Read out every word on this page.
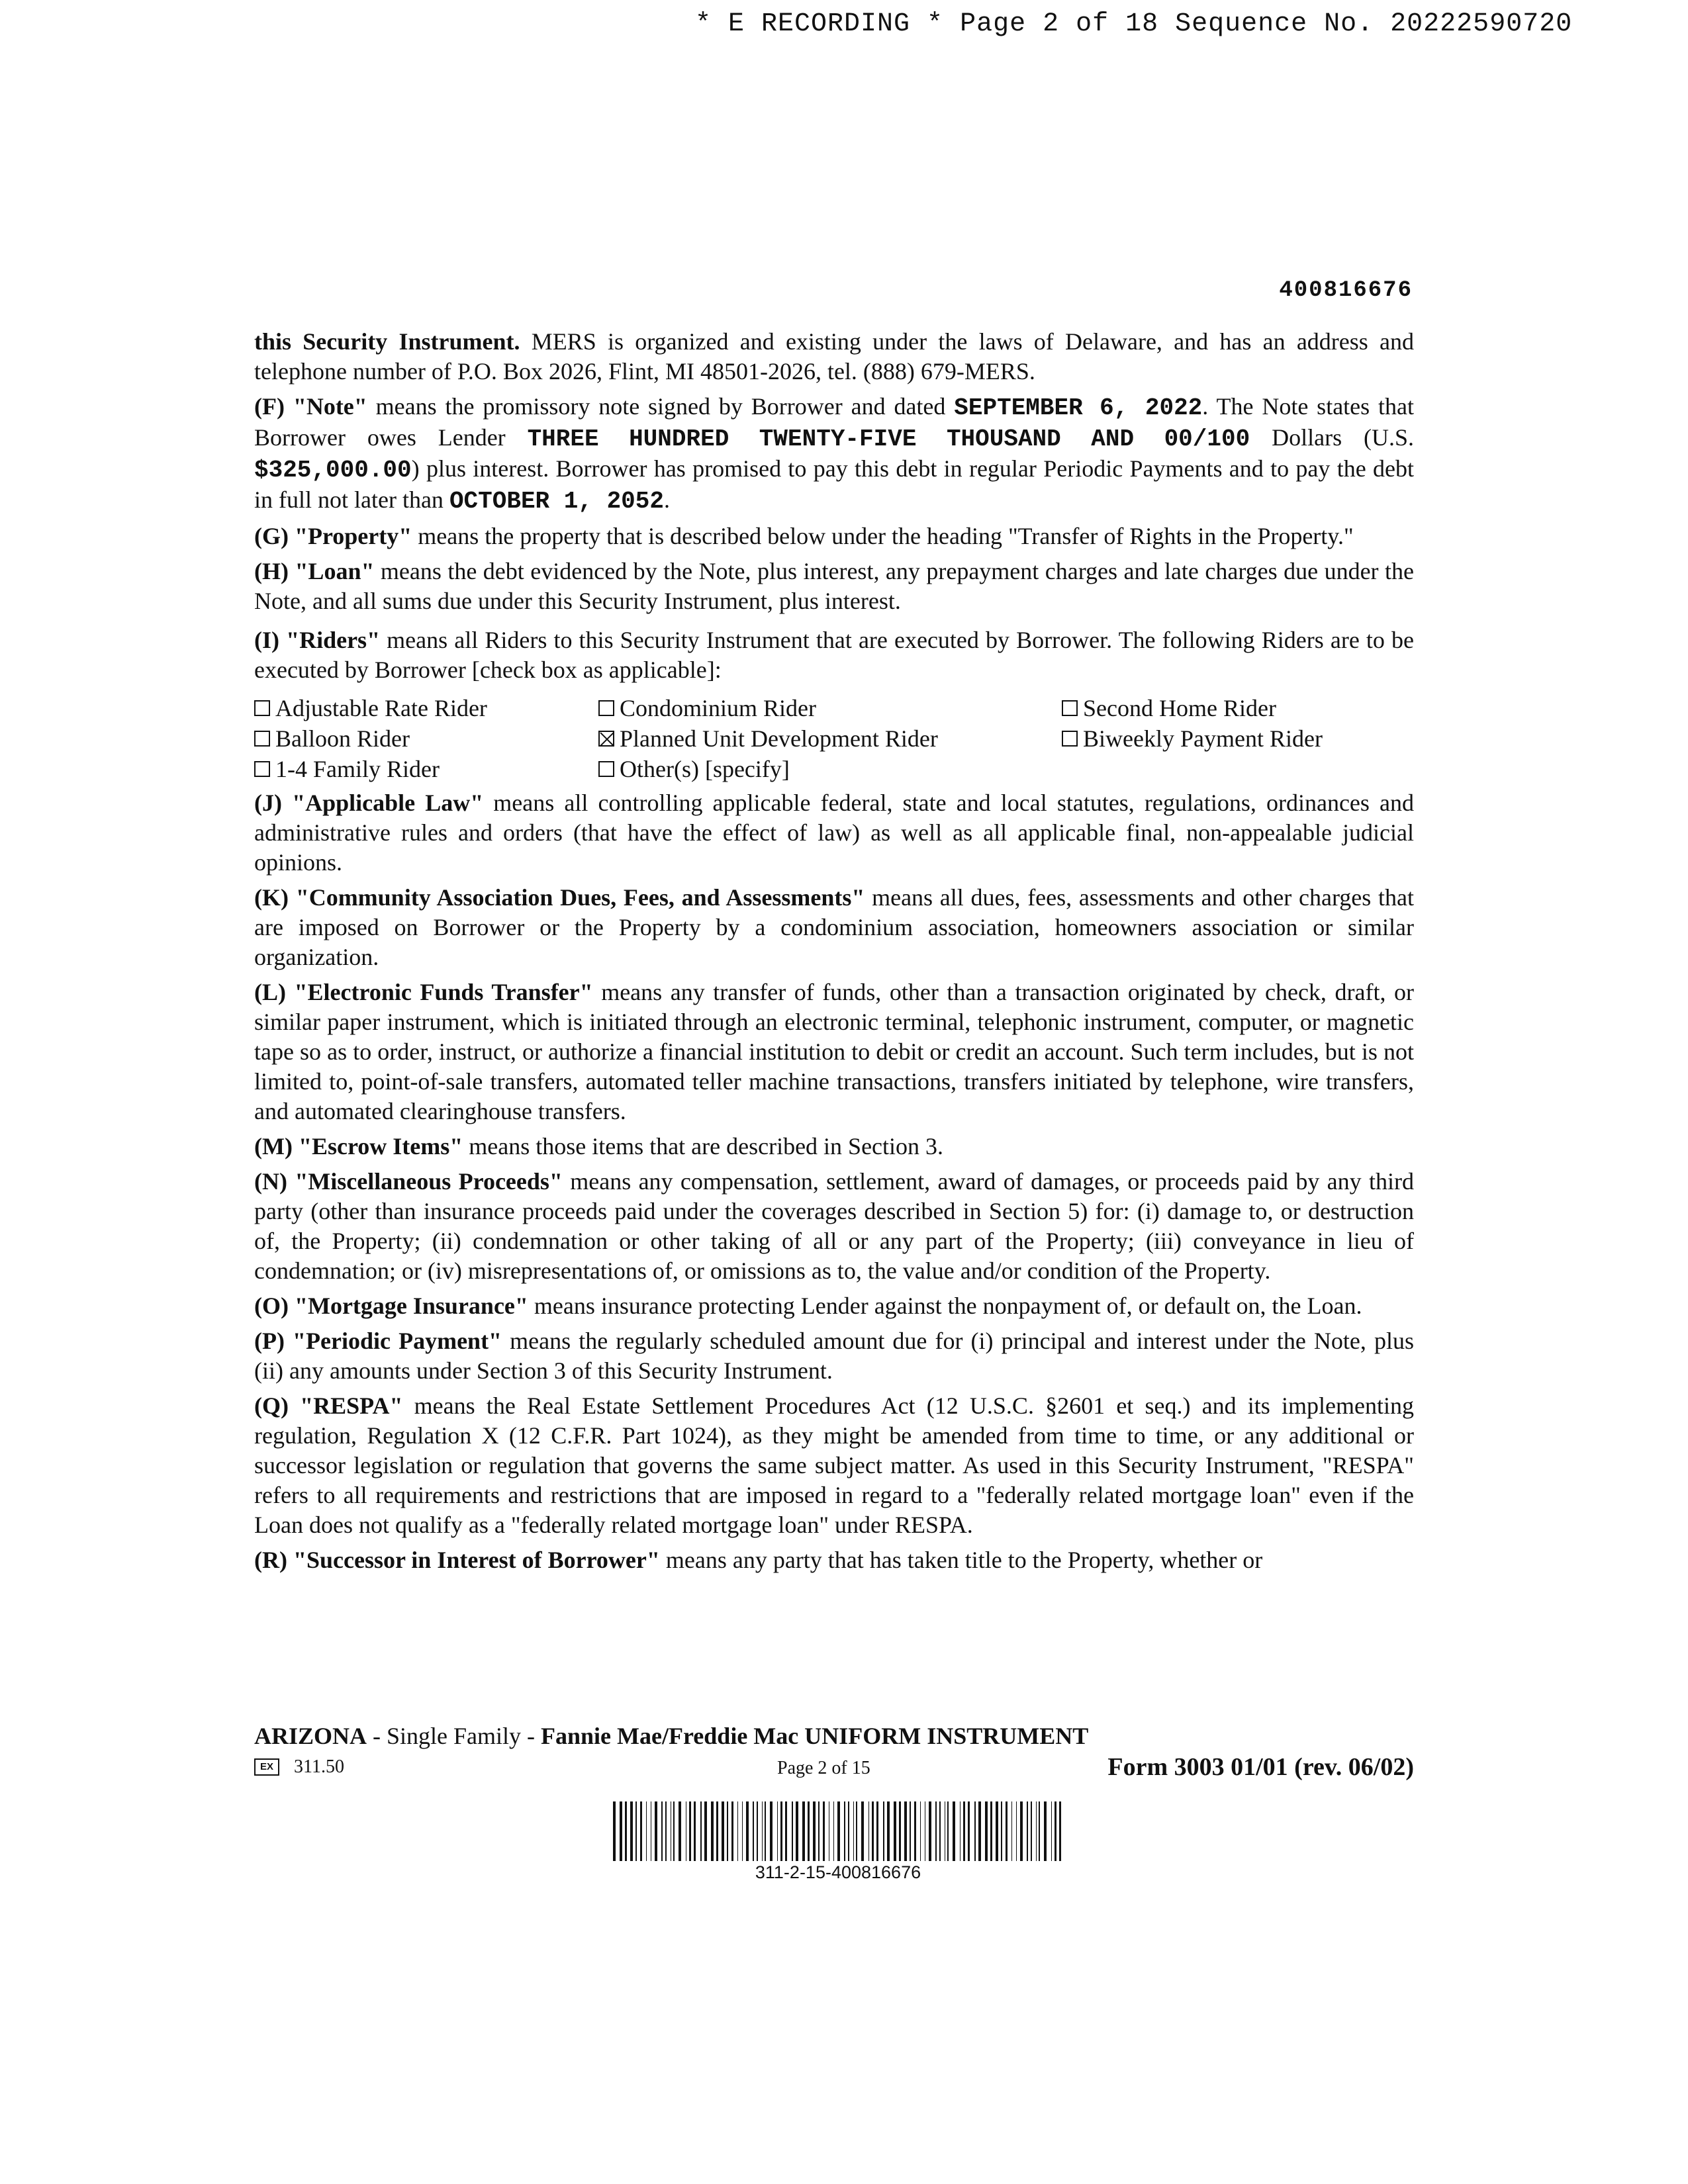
* E RECORDING * Page 2 of 18 Sequence No. 20222590720
400816676

this Security Instrument. MERS is organized and existing under the laws of Delaware, and has an address and telephone number of P.O. Box 2026, Flint, MI 48501-2026, tel. (888) 679-MERS.

(F) "Note" means the promissory note signed by Borrower and dated SEPTEMBER 6, 2022. The Note states that Borrower owes Lender THREE HUNDRED TWENTY-FIVE THOUSAND AND 00/100 Dollars (U.S. $325,000.00) plus interest. Borrower has promised to pay this debt in regular Periodic Payments and to pay the debt in full not later than OCTOBER 1, 2052.

(G) "Property" means the property that is described below under the heading "Transfer of Rights in the Property."

(H) "Loan" means the debt evidenced by the Note, plus interest, any prepayment charges and late charges due under the Note, and all sums due under this Security Instrument, plus interest.

(I) "Riders" means all Riders to this Security Instrument that are executed by Borrower. The following Riders are to be executed by Borrower [check box as applicable]:

Adjustable Rate Rider	Condominium Rider	Second Home Rider
Balloon Rider	Planned Unit Development Rider	Biweekly Payment Rider
1-4 Family Rider	Other(s) [specify]

(J) "Applicable Law" means all controlling applicable federal, state and local statutes, regulations, ordinances and administrative rules and orders (that have the effect of law) as well as all applicable final, non-appealable judicial opinions.

(K) "Community Association Dues, Fees, and Assessments" means all dues, fees, assessments and other charges that are imposed on Borrower or the Property by a condominium association, homeowners association or similar organization.

(L) "Electronic Funds Transfer" means any transfer of funds, other than a transaction originated by check, draft, or similar paper instrument, which is initiated through an electronic terminal, telephonic instrument, computer, or magnetic tape so as to order, instruct, or authorize a financial institution to debit or credit an account. Such term includes, but is not limited to, point-of-sale transfers, automated teller machine transactions, transfers initiated by telephone, wire transfers, and automated clearinghouse transfers.

(M) "Escrow Items" means those items that are described in Section 3.

(N) "Miscellaneous Proceeds" means any compensation, settlement, award of damages, or proceeds paid by any third party (other than insurance proceeds paid under the coverages described in Section 5) for: (i) damage to, or destruction of, the Property; (ii) condemnation or other taking of all or any part of the Property; (iii) conveyance in lieu of condemnation; or (iv) misrepresentations of, or omissions as to, the value and/or condition of the Property.

(O) "Mortgage Insurance" means insurance protecting Lender against the nonpayment of, or default on, the Loan.

(P) "Periodic Payment" means the regularly scheduled amount due for (i) principal and interest under the Note, plus (ii) any amounts under Section 3 of this Security Instrument.

(Q) "RESPA" means the Real Estate Settlement Procedures Act (12 U.S.C. §2601 et seq.) and its implementing regulation, Regulation X (12 C.F.R. Part 1024), as they might be amended from time to time, or any additional or successor legislation or regulation that governs the same subject matter. As used in this Security Instrument, "RESPA" refers to all requirements and restrictions that are imposed in regard to a "federally related mortgage loan" even if the Loan does not qualify as a "federally related mortgage loan" under RESPA.

(R) "Successor in Interest of Borrower" means any party that has taken title to the Property, whether or

ARIZONA - Single Family - Fannie Mae/Freddie Mac UNIFORM INSTRUMENT
EX	311.50	Page 2 of 15	Form 3003 01/01 (rev. 06/02)
311-2-15-400816676
